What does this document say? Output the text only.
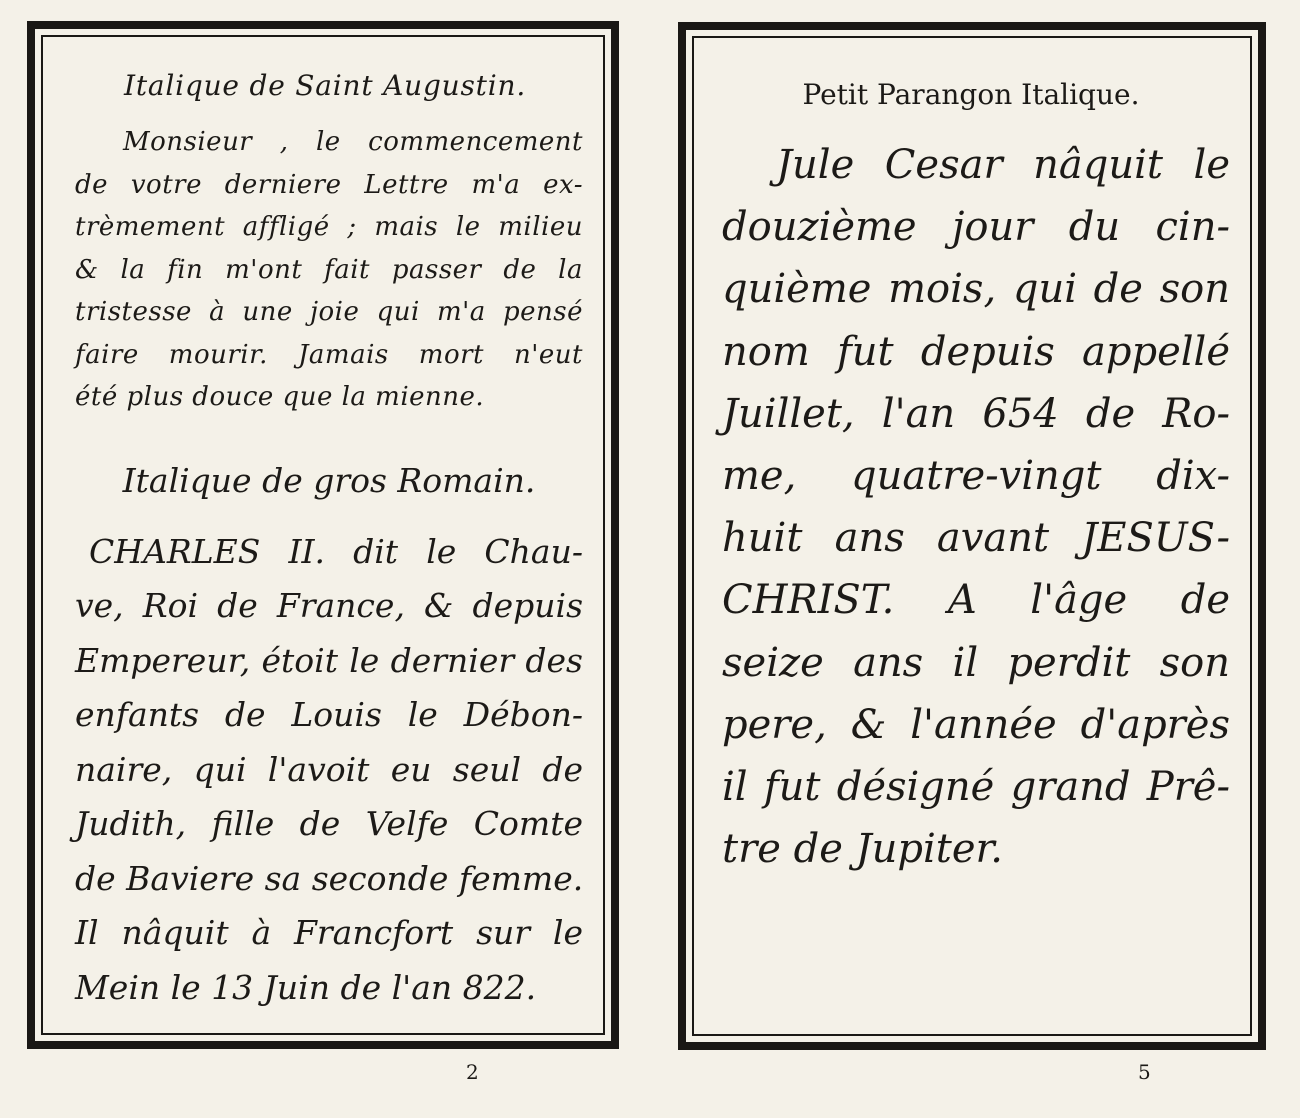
Italique de Saint Augustin.
Monsieur , le commencement
de votre derniere Lettre m'a ex-
trèmement affligé ; mais le milieu
& la fin m'ont fait passer de la
tristesse à une joie qui m'a pensé
faire mourir. Jamais mort n'eut
été plus douce que la mienne.
Italique de gros Romain.
CHARLES II. dit le Chau-
ve, Roi de France, & depuis
Empereur, étoit le dernier des
enfants de Louis le Débon-
naire, qui l'avoit eu seul de
Judith, fille de Velfe Comte
de Baviere sa seconde femme.
Il nâquit à Francfort sur le
Mein le 13 Juin de l'an 822.
2
Petit Parangon Italique.
Jule Cesar nâquit le
douzième jour du cin-
quième mois, qui de son
nom fut depuis appellé
Juillet, l'an 654 de Ro-
me, quatre-vingt dix-
huit ans avant JESUS-
CHRIST. A l'âge de
seize ans il perdit son
pere, & l'année d'après
il fut désigné grand Prê-
tre de Jupiter.
5
